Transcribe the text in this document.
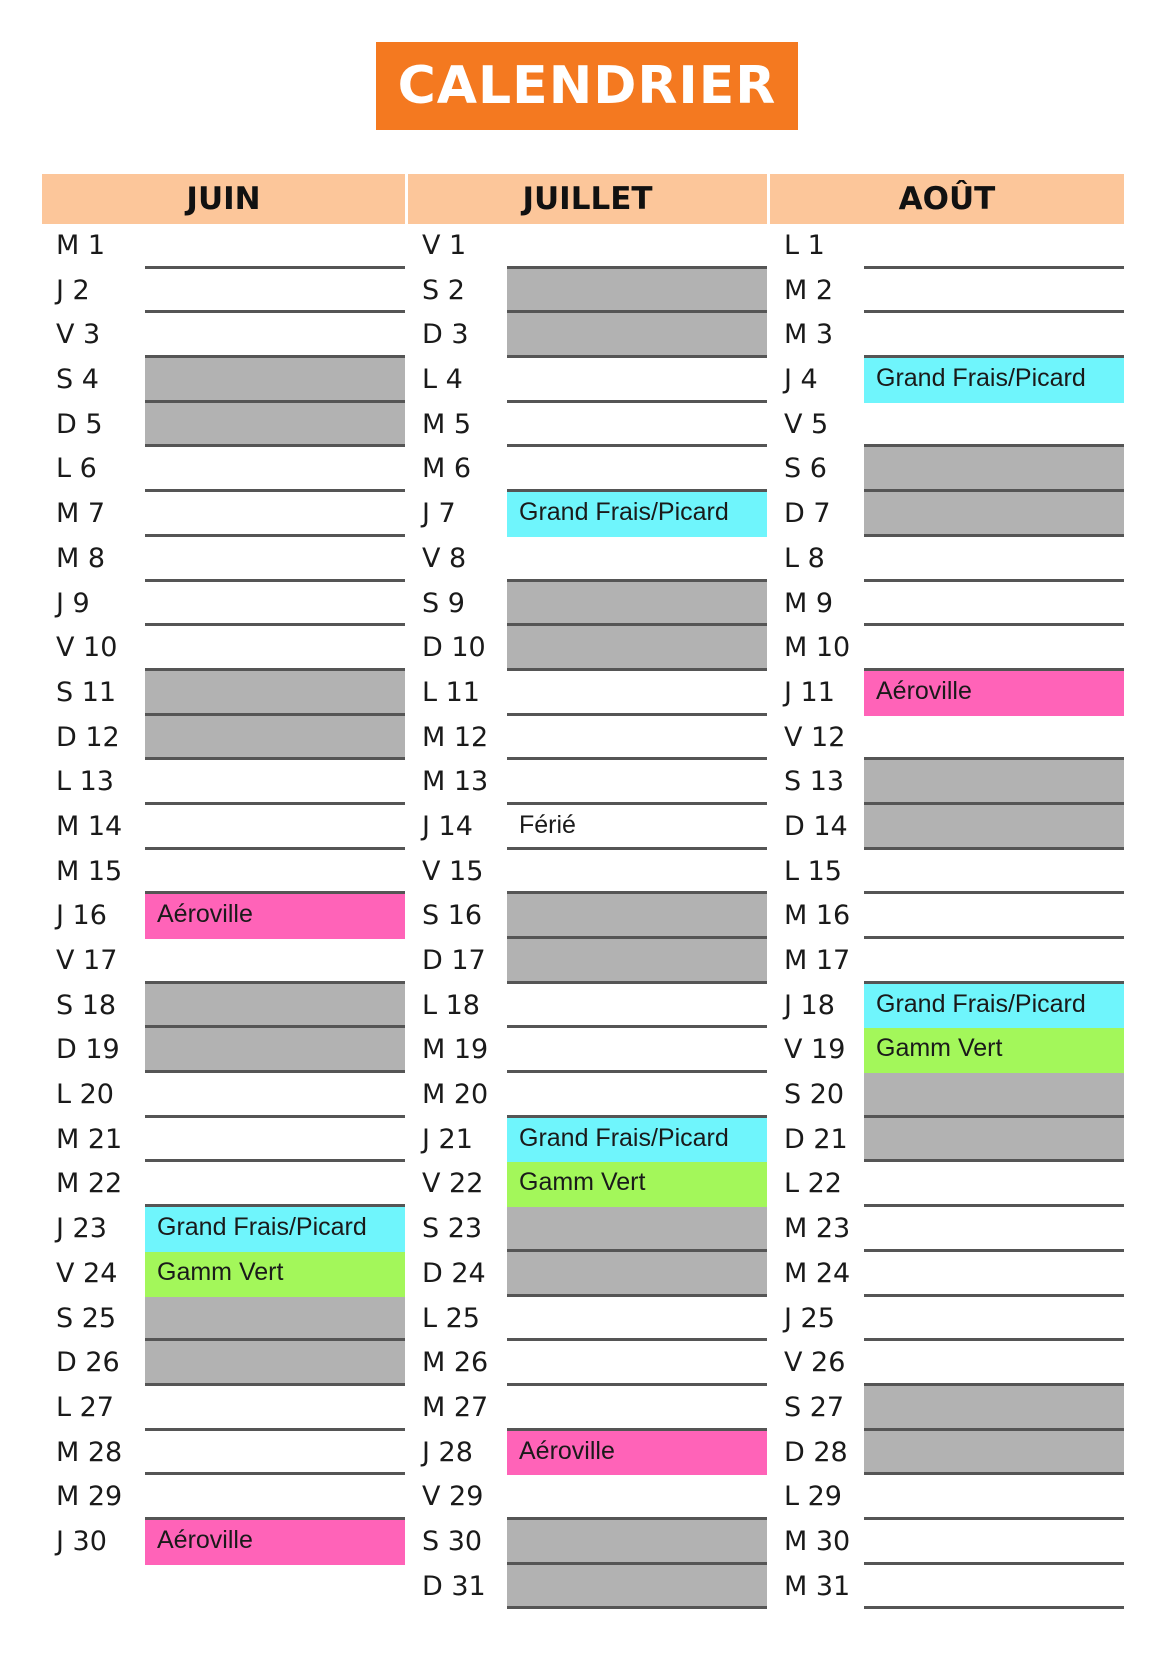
CALENDRIER
JUIN
M 1
J 2
V 3
S 4
D 5
L 6
M 7
M 8
J 9
V 10
S 11
D 12
L 13
M 14
M 15
J 16 Aéroville
V 17
S 18
D 19
L 20
M 21
M 22
J 23 Grand Frais/Picard
V 24 Gamm Vert
S 25
D 26
L 27
M 28
M 29
J 30 Aéroville
JUILLET
V 1
S 2
D 3
L 4
M 5
M 6
J 7	Grand Frais/Picard
V 8
S 9
D 10
L 11
M 12
M 13
J 14 Férié
V 15
S 16
D 17
L 18
M 19
M 20
J 21 Grand Frais/Picard
V 22 Gamm Vert
S 23
D 24
L 25
M 26
M 27
J 28 Aéroville
V 29
S 30
D 31
AOÛT
L 1
M 2
M 3
J 4 Grand Frais/Picard
V 5
S 6
D 7
L 8
M 9
M 10
J 11 Aéroville
V 12
S 13
D 14
L 15
M 16
M 17
J 18 Grand Frais/Picard
V 19 Gamm Vert
S 20
D 21
L 22
M 23
M 24
J 25
V 26
S 27
D 28
L 29
M 30
M 31
